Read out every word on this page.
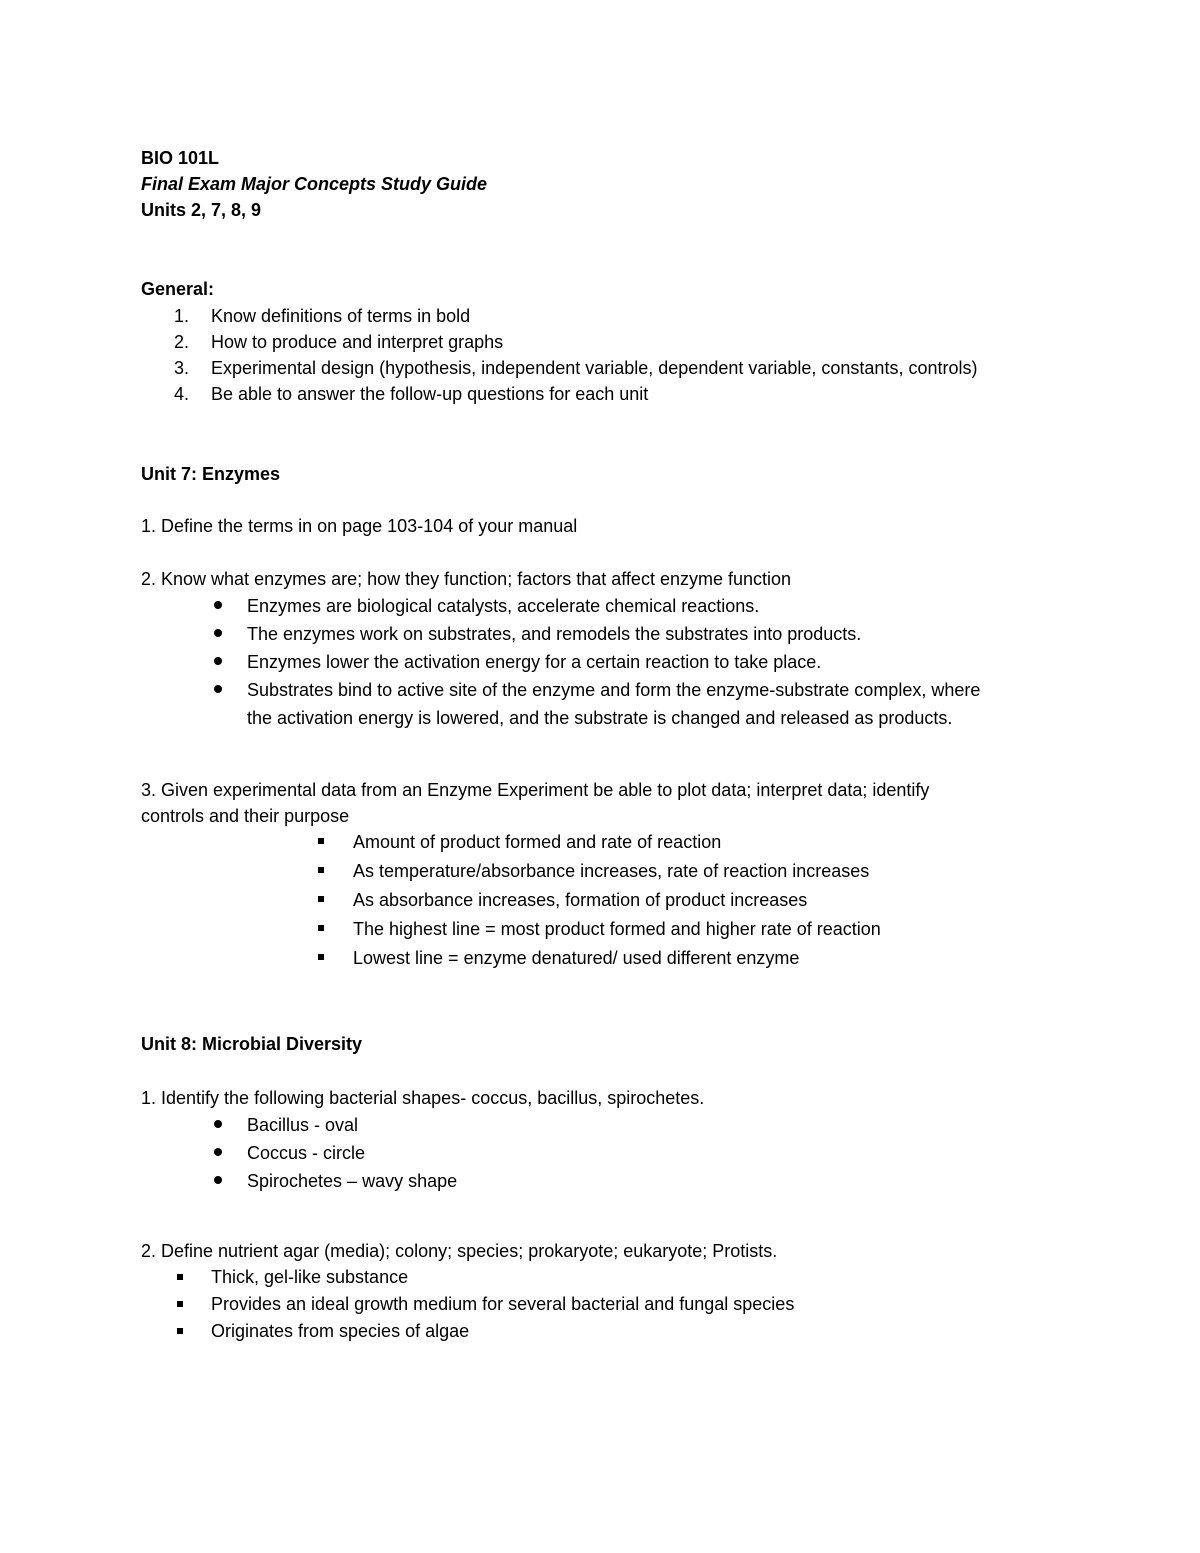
BIO 101L
Final Exam Major Concepts Study Guide
Units 2, 7, 8, 9
General:
1. Know definitions of terms in bold
2. How to produce and interpret graphs
3. Experimental design (hypothesis, independent variable, dependent variable, constants, controls)
4. Be able to answer the follow-up questions for each unit
Unit 7: Enzymes
1. Define the terms in on page 103-104 of your manual
2. Know what enzymes are; how they function; factors that affect enzyme function
Enzymes are biological catalysts, accelerate chemical reactions.
The enzymes work on substrates, and remodels the substrates into products.
Enzymes lower the activation energy for a certain reaction to take place.
Substrates bind to active site of the enzyme and form the enzyme-substrate complex, where
the activation energy is lowered, and the substrate is changed and released as products.
3. Given experimental data from an Enzyme Experiment be able to plot data; interpret data; identify
controls and their purpose
Amount of product formed and rate of reaction
As temperature/absorbance increases, rate of reaction increases
As absorbance increases, formation of product increases
The highest line = most product formed and higher rate of reaction
Lowest line = enzyme denatured/ used different enzyme
Unit 8: Microbial Diversity
1. Identify the following bacterial shapes- coccus, bacillus, spirochetes.
Bacillus - oval
Coccus - circle
Spirochetes – wavy shape
2. Define nutrient agar (media); colony; species; prokaryote; eukaryote; Protists.
Thick, gel-like substance
Provides an ideal growth medium for several bacterial and fungal species
Originates from species of algae
